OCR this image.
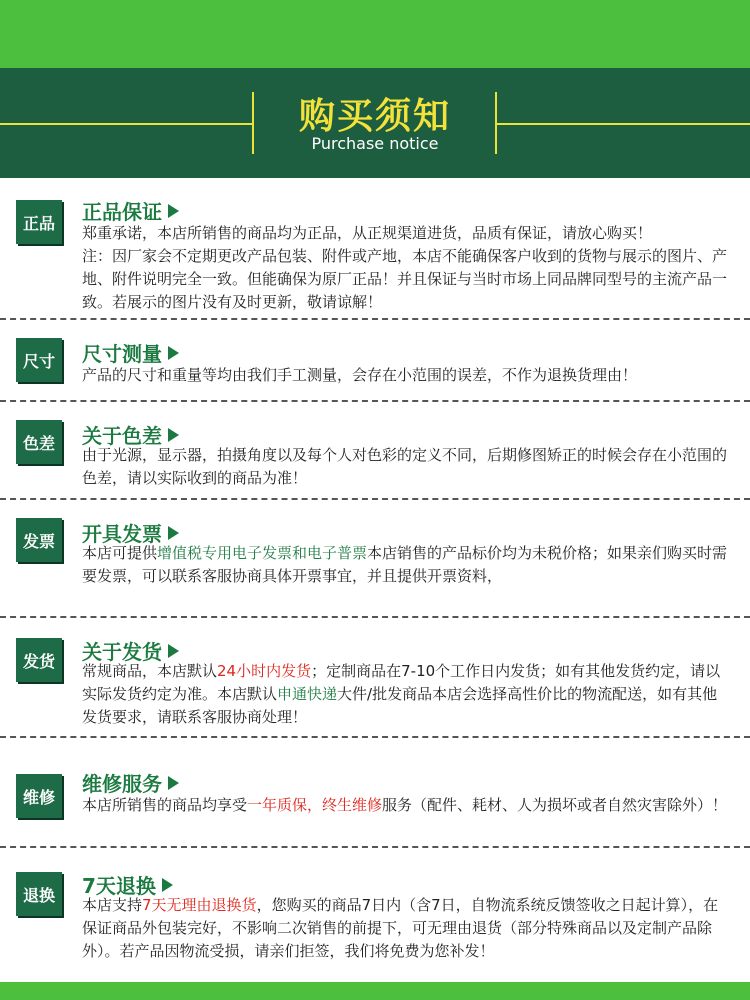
购买须知
Purchase notice
正品	正品保证
郑重承诺，本店所销售的商品均为正品，从正规渠道进货，品质有保证，请放心购买！
注：因厂家会不定期更改产品包装、附件或产地，本店不能确保客户收到的货物与展示的图片、产地、附件说明完全一致。但能确保为原厂正品！并且保证与当时市场上同品牌同型号的主流产品一致。若展示的图片没有及时更新，敬请谅解！
尺寸	尺寸测量
产品的尺寸和重量等均由我们手工测量，会存在小范围的误差，不作为退换货理由！
色差	关于色差
由于光源，显示器，拍摄角度以及每个人对色彩的定义不同，后期修图矫正的时候会存在小范围的色差，请以实际收到的商品为准！
发票	开具发票
本店可提供增值税专用电子发票和电子普票本店销售的产品标价均为未税价格；如果亲们购买时需要发票，可以联系客服协商具体开票事宜，并且提供开票资料，
发货	关于发货
常规商品，本店默认24小时内发货；定制商品在7-10个工作日内发货；如有其他发货约定，请以实际发货约定为准。本店默认申通快递大件/批发商品本店会选择高性价比的物流配送，如有其他发货要求，请联系客服协商处理！
维修
维修服务
本店所销售的商品均享受一年质保，终生维修服务（配件、耗材、人为损坏或者自然灾害除外）！
退换	7天退换
本店支持7天无理由退换货，您购买的商品7日内（含7日，自物流系统反馈签收之日起计算），在保证商品外包装完好，不影响二次销售的前提下，可无理由退货（部分特殊商品以及定制产品除外）。若产品因物流受损，请亲们拒签，我们将免费为您补发！
